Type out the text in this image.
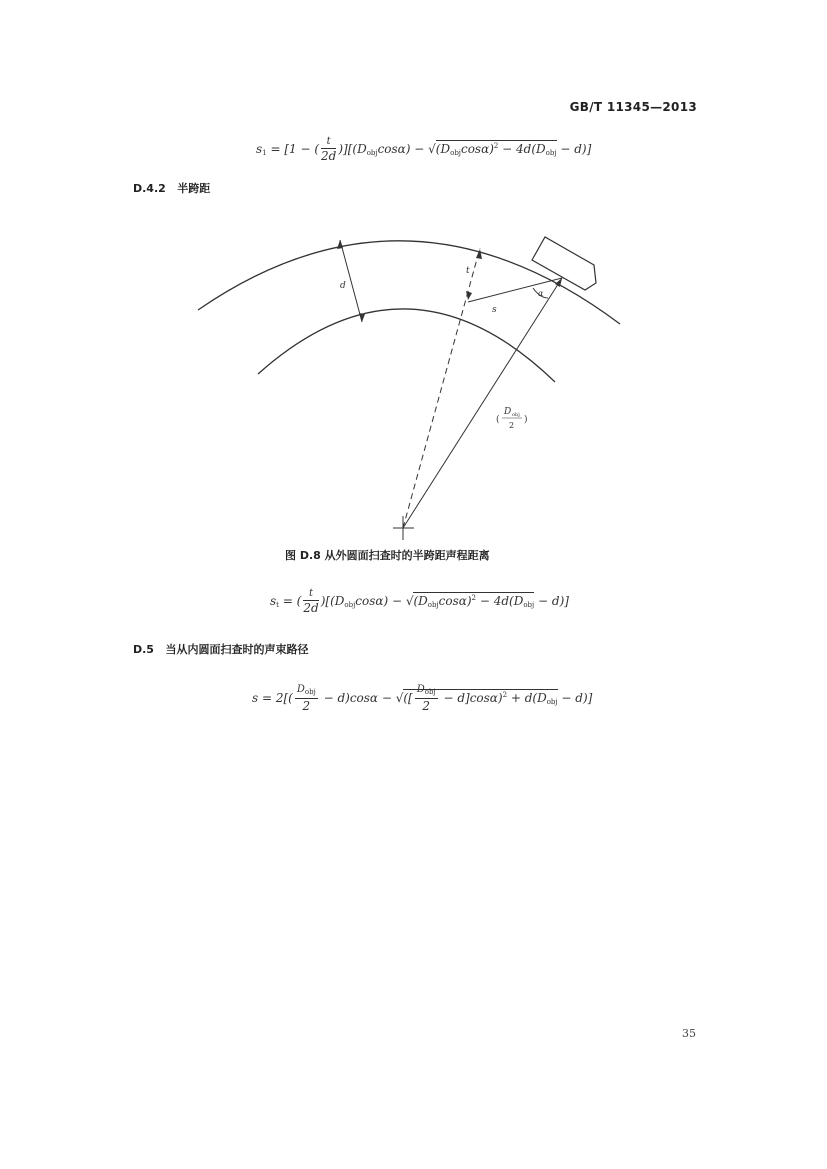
GB/T 11345—2013
$s_1 = [1$ − ( $\frac{t}{2d} )][(D_{obj}\cos\alpha) - √(D_{obj}\cos\alpha)^2 - 4d(D_{obj} - d)]$
D.4.2 半跨距
d
t
s
α
(
D obj
2
)
图 D.8 从外圆面扫查时的半跨距声程距离
$s_t$ = ( $\frac{t}{2d} )[(D_{obj}\cos\alpha) - √(D_{obj}\cos\alpha)^2 - 4d(D_{obj} - d)]$
D.5 当从内圆面扫查时的声束路径
$s = 2[( \frac{D_{obj}}{2} - d)\cos\alpha$ − √([ $\frac{D_{obj}}{2} - d]\cos\alpha)^2 + d(D_{obj} - d)$]
35
